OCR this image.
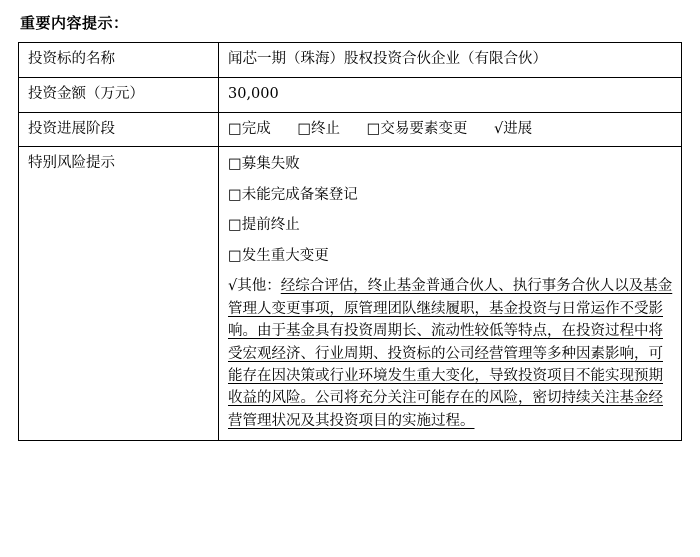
重要内容提示：
投资标的名称	闻芯一期（珠海）股权投资合伙企业（有限合伙）
投资金额（万元）	30,000
投资进展阶段	□完成 □终止 □交易要素变更 √进展
特别风险提示	□募集失败
□未能完成备案登记
□提前终止
□发生重大变更
√其他：经综合评估，终止基金普通合伙人、执行事务合伙人以及基金管理人变更事项，原管理团队继续履职，基金投资与日常运作不受影响。由于基金具有投资周期长、流动性较低等特点，在投资过程中将受宏观经济、行业周期、投资标的公司经营管理等多种因素影响，可能存在因决策或行业环境发生重大变化，导致投资项目不能实现预期收益的风险。公司将充分关注可能存在的风险，密切持续关注基金经营管理状况及其投资项目的实施过程。
